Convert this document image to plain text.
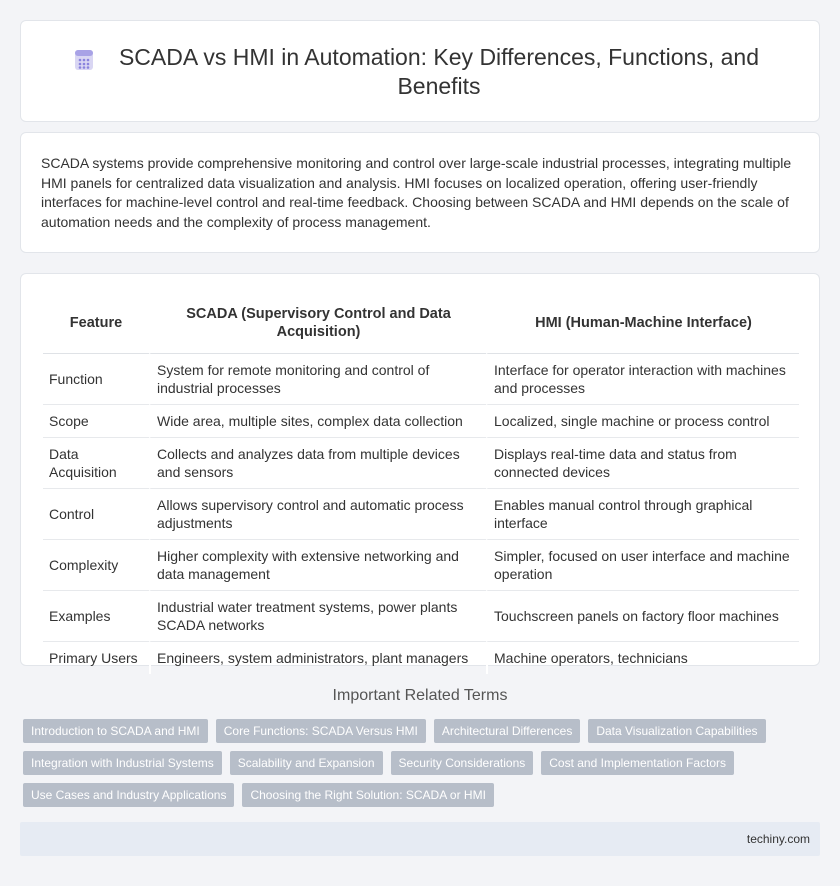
SCADA vs HMI in Automation: Key Differences, Functions, and Benefits

SCADA systems provide comprehensive monitoring and control over large-scale industrial processes, integrating multiple HMI panels for centralized data visualization and analysis. HMI focuses on localized operation, offering user-friendly interfaces for machine-level control and real-time feedback. Choosing between SCADA and HMI depends on the scale of automation needs and the complexity of process management.

Feature	SCADA (Supervisory Control and Data Acquisition)	HMI (Human-Machine Interface)
Function	System for remote monitoring and control of industrial processes	Interface for operator interaction with machines and processes
Scope	Wide area, multiple sites, complex data collection	Localized, single machine or process control
Data Acquisition	Collects and analyzes data from multiple devices and sensors	Displays real-time data and status from connected devices
Control	Allows supervisory control and automatic process adjustments	Enables manual control through graphical interface
Complexity	Higher complexity with extensive networking and data management	Simpler, focused on user interface and machine operation
Examples	Industrial water treatment systems, power plants SCADA networks	Touchscreen panels on factory floor machines
Primary Users	Engineers, system administrators, plant managers	Machine operators, technicians
Important Related Terms
Introduction to SCADA and HMI	Core Functions: SCADA Versus HMI	Architectural Differences	Data Visualization Capabilities
Integration with Industrial Systems	Scalability and Expansion	Security Considerations	Cost and Implementation Factors
Use Cases and Industry Applications	Choosing the Right Solution: SCADA or HMI
techiny.com
